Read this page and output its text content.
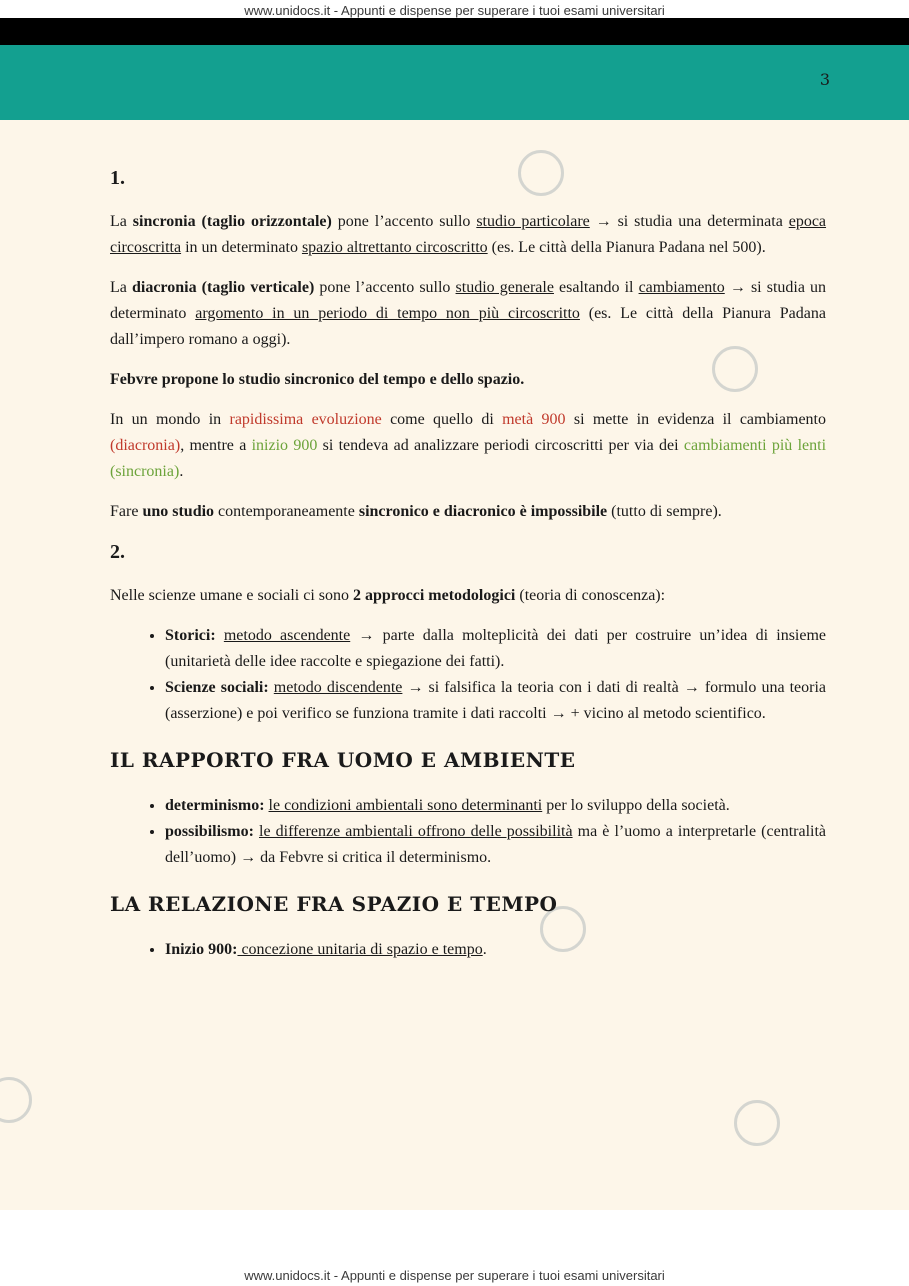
www.unidocs.it - Appunti e dispense per superare i tuoi esami universitari
3
1.

La sincronia (taglio orizzontale) pone l’accento sullo studio particolare → si studia una determinata epoca circoscritta in un determinato spazio altrettanto circoscritto (es. Le città della Pianura Padana nel 500).

La diacronia (taglio verticale) pone l’accento sullo studio generale esaltando il cambiamento → si studia un determinato argomento in un periodo di tempo non più circoscritto (es. Le città della Pianura Padana dall’impero romano a oggi).

Febvre propone lo studio sincronico del tempo e dello spazio.

In un mondo in rapidissima evoluzione come quello di metà 900 si mette in evidenza il cambiamento (diacronia), mentre a inizio 900 si tendeva ad analizzare periodi circoscritti per via dei cambiamenti più lenti (sincronia).

Fare uno studio contemporaneamente sincronico e diacronico è impossibile (tutto di sempre).

2.

Nelle scienze umane e sociali ci sono 2 approcci metodologici (teoria di conoscenza):

• Storici: metodo ascendente → parte dalla molteplicità dei dati per costruire un’idea di insieme (unitarietà delle idee raccolte e spiegazione dei fatti).
• Scienze sociali: metodo discendente → si falsifica la teoria con i dati di realtà → formulo una teoria (asserzione) e poi verifico se funziona tramite i dati raccolti → + vicino al metodo scientifico.
IL RAPPORTO FRA UOMO E AMBIENTE
• determinismo: le condizioni ambientali sono determinanti per lo sviluppo della società.
• possibilismo: le differenze ambientali offrono delle possibilità ma è l’uomo a interpretarle (centralità dell’uomo) → da Febvre si critica il determinismo.
LA RELAZIONE FRA SPAZIO E TEMPO
• Inizio 900: concezione unitaria di spazio e tempo.
www.unidocs.it - Appunti e dispense per superare i tuoi esami universitari
